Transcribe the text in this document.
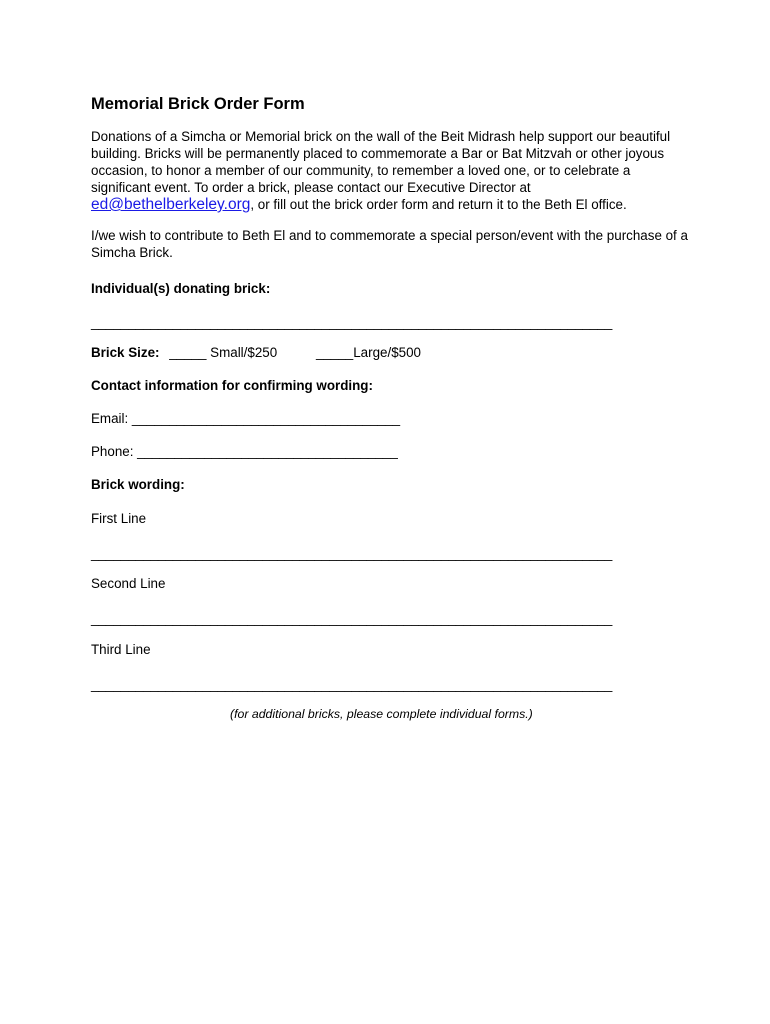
Memorial Brick Order Form

Donations of a Simcha or Memorial brick on the wall of the Beit Midrash help support our beautiful building. Bricks will be permanently placed to commemorate a Bar or Bat Mitzvah or other joyous occasion, to honor a member of our community, to remember a loved one, or to celebrate a significant event. To order a brick, please contact our Executive Director at ed@bethelberkeley.org, or fill out the brick order form and return it to the Beth El office.

I/we wish to contribute to Beth El and to commemorate a special person/event with the purchase of a Simcha Brick.

Individual(s) donating brick:
______________________________________________________________________
Brick Size: _____ Small/$250	_____Large/$500
Contact information for confirming wording:
Email: ____________________________________
Phone: ___________________________________
Brick wording:
First Line
______________________________________________________________________
Second Line
______________________________________________________________________
Third Line
______________________________________________________________________
(for additional bricks, please complete individual forms.)
